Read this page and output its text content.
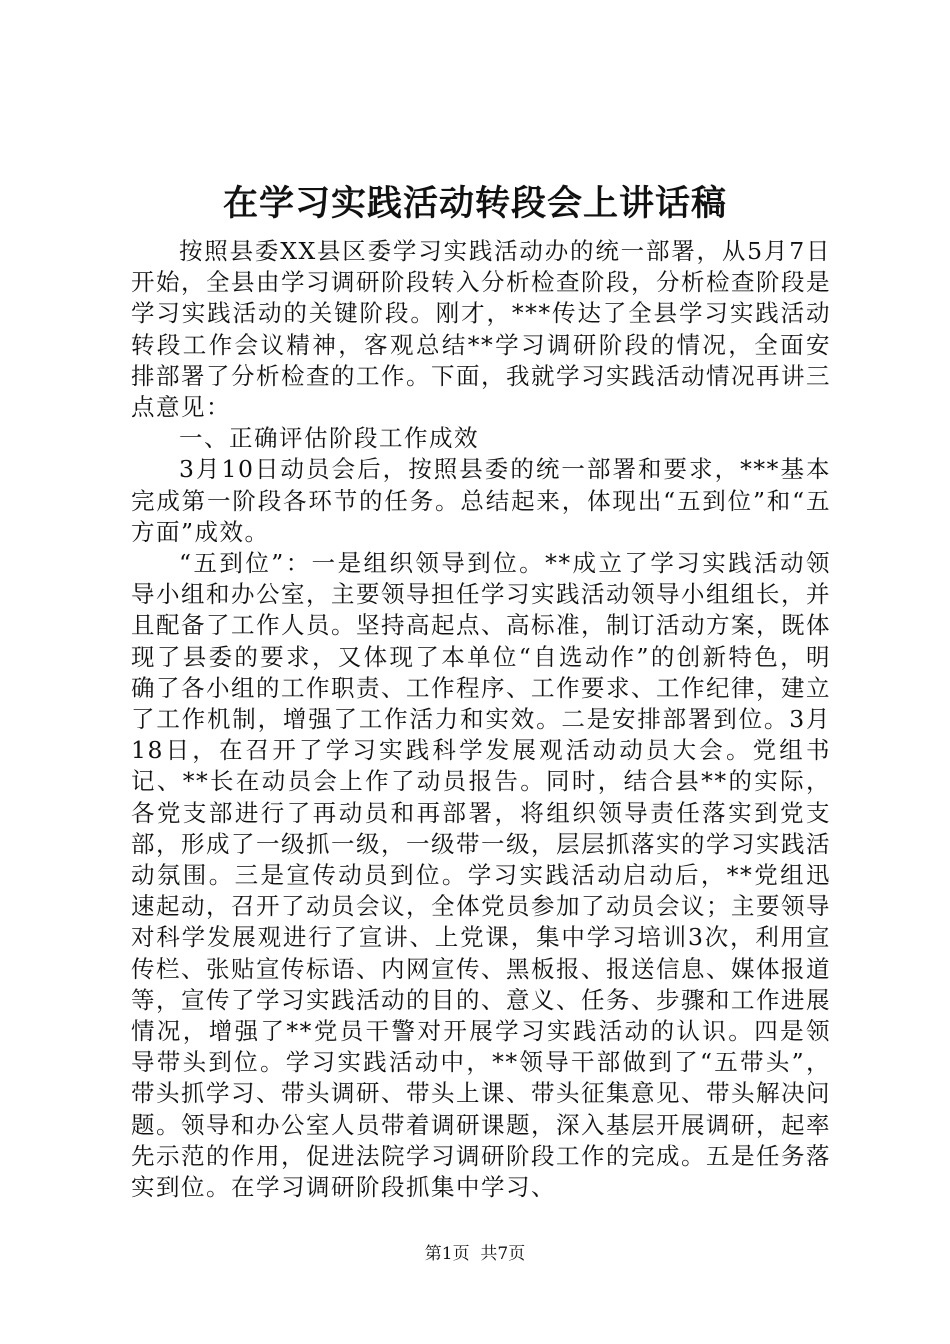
在学习实践活动转段会上讲话稿

按照县委XX县区委学习实践活动办的统一部署，从5月7日开始，全县由学习调研阶段转入分析检查阶段，分析检查阶段是学习实践活动的关键阶段。刚才，***传达了全县学习实践活动转段工作会议精神，客观总结**学习调研阶段的情况，全面安排部署了分析检查的工作。下面，我就学习实践活动情况再讲三点意见：

一、正确评估阶段工作成效

3月10日动员会后，按照县委的统一部署和要求，***基本完成第一阶段各环节的任务。总结起来，体现出“五到位”和“五方面”成效。

“五到位”：一是组织领导到位。**成立了学习实践活动领导小组和办公室，主要领导担任学习实践活动领导小组组长，并且配备了工作人员。坚持高起点、高标准，制订活动方案，既体现了县委的要求，又体现了本单位“自选动作”的创新特色，明确了各小组的工作职责、工作程序、工作要求、工作纪律，建立了工作机制，增强了工作活力和实效。二是安排部署到位。3月18日，在召开了学习实践科学发展观活动动员大会。党组书记、**长在动员会上作了动员报告。同时，结合县**的实际，各党支部进行了再动员和再部署，将组织领导责任落实到党支部，形成了一级抓一级，一级带一级，层层抓落实的学习实践活动氛围。三是宣传动员到位。学习实践活动启动后，**党组迅速起动，召开了动员会议，全体党员参加了动员会议；主要领导对科学发展观进行了宣讲、上党课，集中学习培训3次，利用宣传栏、张贴宣传标语、内网宣传、黑板报、报送信息、媒体报道等，宣传了学习实践活动的目的、意义、任务、步骤和工作进展情况，增强了**党员干警对开展学习实践活动的认识。四是领导带头到位。学习实践活动中，**领导干部做到了“五带头”，带头抓学习、带头调研、带头上课、带头征集意见、带头解决问题。领导和办公室人员带着调研课题，深入基层开展调研，起率先示范的作用，促进法院学习调研阶段工作的完成。五是任务落实到位。在学习调研阶段抓集中学习、

第1页  共7页
